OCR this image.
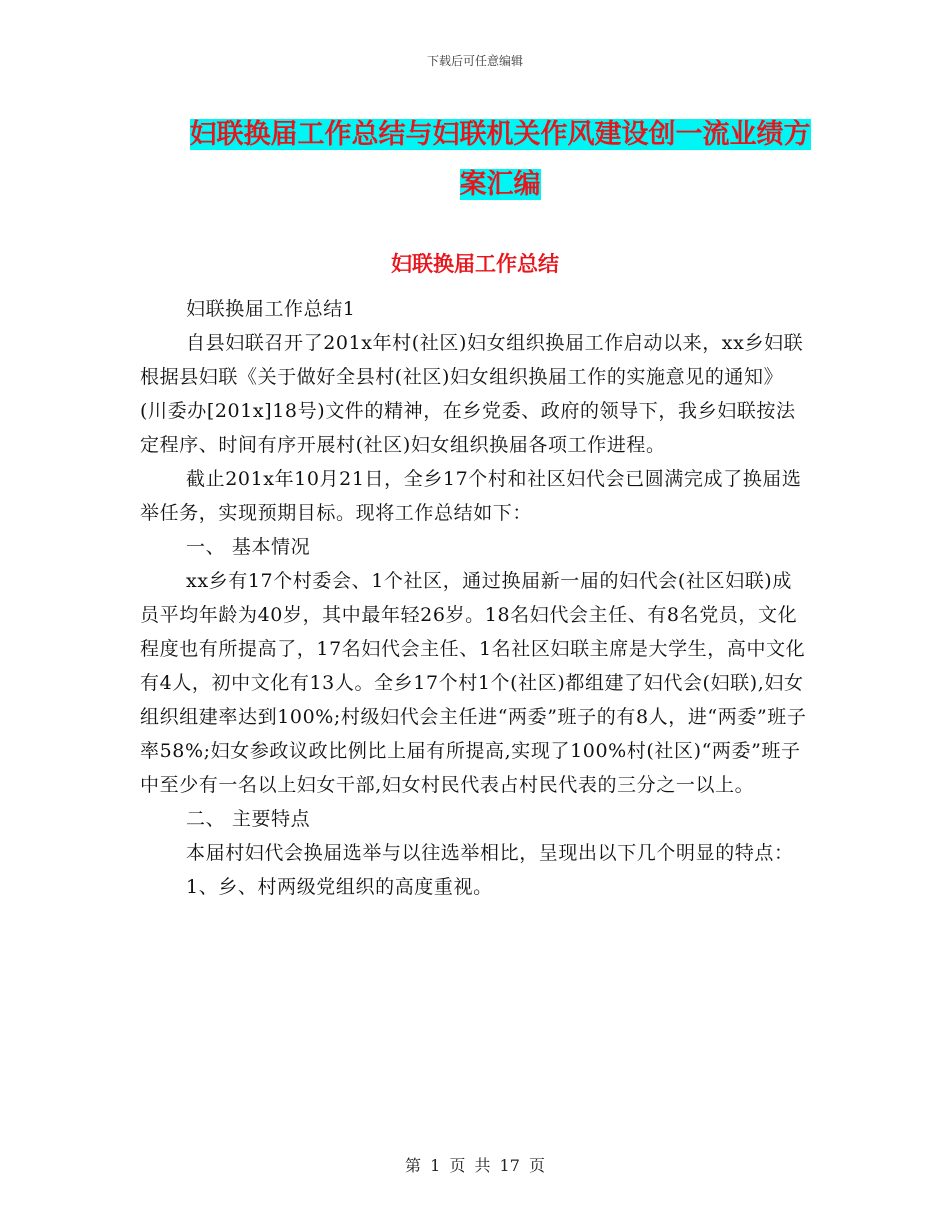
下载后可任意编辑
妇联换届工作总结与妇联机关作风建设创一流业绩方
案汇编
妇联换届工作总结

妇联换届工作总结1

自县妇联召开了201x年村(社区)妇女组织换届工作启动以来，xx乡妇联根据县妇联《关于做好全县村(社区)妇女组织换届工作的实施意见的通知》(川委办[201x]18号)文件的精神，在乡党委、政府的领导下，我乡妇联按法定程序、时间有序开展村(社区)妇女组织换届各项工作进程。

截止201x年10月21日，全乡17个村和社区妇代会已圆满完成了换届选举任务，实现预期目标。现将工作总结如下：

一、 基本情况

xx乡有17个村委会、1个社区，通过换届新一届的妇代会(社区妇联)成员平均年龄为40岁，其中最年轻26岁。18名妇代会主任、有8名党员，文化程度也有所提高了，17名妇代会主任、1名社区妇联主席是大学生，高中文化有4人，初中文化有13人。全乡17个村1个(社区)都组建了妇代会(妇联),妇女组织组建率达到100%;村级妇代会主任进“两委”班子的有8人，进“两委”班子率58%;妇女参政议政比例比上届有所提高,实现了100%村(社区)“两委”班子中至少有一名以上妇女干部,妇女村民代表占村民代表的三分之一以上。

二、 主要特点

本届村妇代会换届选举与以往选举相比，呈现出以下几个明显的特点：

1、乡、村两级党组织的高度重视。

第 1 页 共 17 页
